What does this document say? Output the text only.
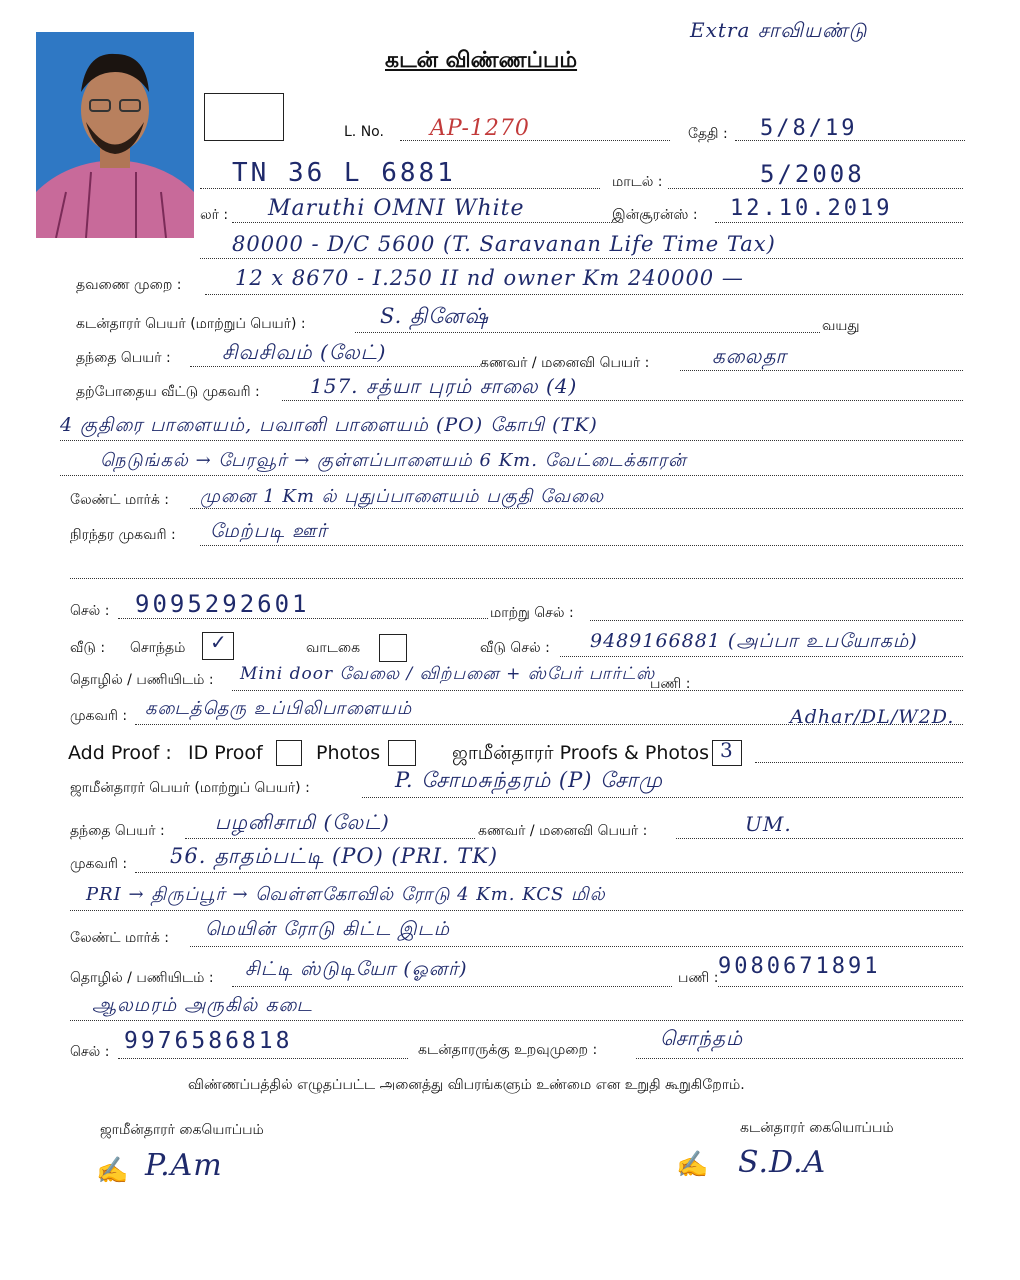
Extra சாவியண்டு
கடன் விண்ணப்பம்
L. No. AP-1270	தேதி : 5/8/19
TN 36 L 6881	மாடல் :	5/2008
லர் : Maruthi OMNI White	இன்சூரன்ஸ் : 12.10.2019
80000 - D/C 5600 (T. Saravanan Life Time Tax)
தவணை முறை :	12 x 8670 - I.250 II nd owner Km 240000 —
கடன்தாரர் பெயர் (மாற்றுப் பெயர்) :	S. தினேஷ்	வயது
தந்தை பெயர் :	சிவசிவம் (லேட்)	கணவர் / மனைவி பெயர் :	கலைதா
தற்போதைய வீட்டு முகவரி :	157. சத்யா புரம் சாலை (4)
4 குதிரை பாளையம், பவானி பாளையம் (PO) கோபி (TK)
நெடுங்கல் → பேரவூர் → குள்ளப்பாளையம் 6 Km. வேட்டைக்காரன்
லேண்ட் மார்க் : முனை 1 Km ல் புதுப்பாளையம் பகுதி வேலை
நிரந்தர முகவரி : மேற்படி ஊர்
செல் : 9095292601	மாற்று செல் :
வீடு : சொந்தம் ✓	வாடகை	வீடு செல் : 9489166881 (அப்பா உபயோகம்)
தொழில் / பணியிடம் : Mini door வேலை / விற்பனை + ஸ்பேர் பார்ட்ஸ்
பணி :
முகவரி : கடைத்தெரு உப்பிலிபாளையம்	Adhar/DL/W2D.
Add Proof : ID Proof	Photos	ஜாமீன்தாரர் Proofs & Photos 3
ஜாமீன்தாரர் பெயர் (மாற்றுப் பெயர்) :	P. சோமசுந்தரம் (P) சோமு
தந்தை பெயர் :	பழனிசாமி (லேட்)	கணவர் / மனைவி பெயர் :	UM.
முகவரி : 56. தாதம்பட்டி (PO) (PRI. TK)
PRI → திருப்பூர் → வெள்ளகோவில் ரோடு 4 Km. KCS மில்
லேண்ட் மார்க் : மெயின் ரோடு கிட்ட இடம்
தொழில் / பணியிடம் : சிட்டி ஸ்டுடியோ (ஓனர்)	பணி : 9080671891
ஆலமரம் அருகில் கடை
செல் : 9976586818	கடன்தாரருக்கு உறவுமுறை :	சொந்தம்
விண்ணப்பத்தில் எழுதப்பட்ட அனைத்து விபரங்களும் உண்மை என உறுதி கூறுகிறோம்.
ஜாமீன்தாரர் கையொப்பம்	கடன்தாரர் கையொப்பம்
✍ P.Am	✍ S.D.A
